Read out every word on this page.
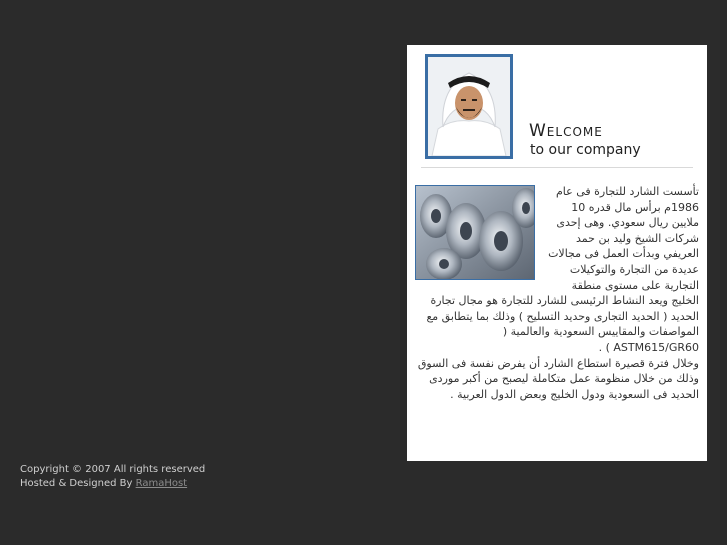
Welcome
to our company

تأسست الشارد للتجارة فى عام 1986م برأس مال قدره 10 ملايين ريال سعودي. وهى إحدى شركات الشيخ وليد بن حمد العريفي وبدأت العمل فى مجالات عديدة من التجارة والتوكيلات التجارية على مستوى منطقة الخليج ويعد النشاط الرئيسى للشارد للتجارة هو مجال تجارة الحديد ( الحديد التجارى وحديد التسليح ) وذلك بما يتطابق مع المواصفات والمقاييس السعودية والعالمية ( ASTM615/GR60 ) .

وخلال فترة قصيرة استطاع الشارد أن يفرض نفسة فى السوق وذلك من خلال منظومة عمل متكاملة ليصبح من أكبر موردى الحديد فى السعودية ودول الخليج وبعض الدول العربية .

Copyright © 2007 All rights reserved
Hosted & Designed By RamaHost
